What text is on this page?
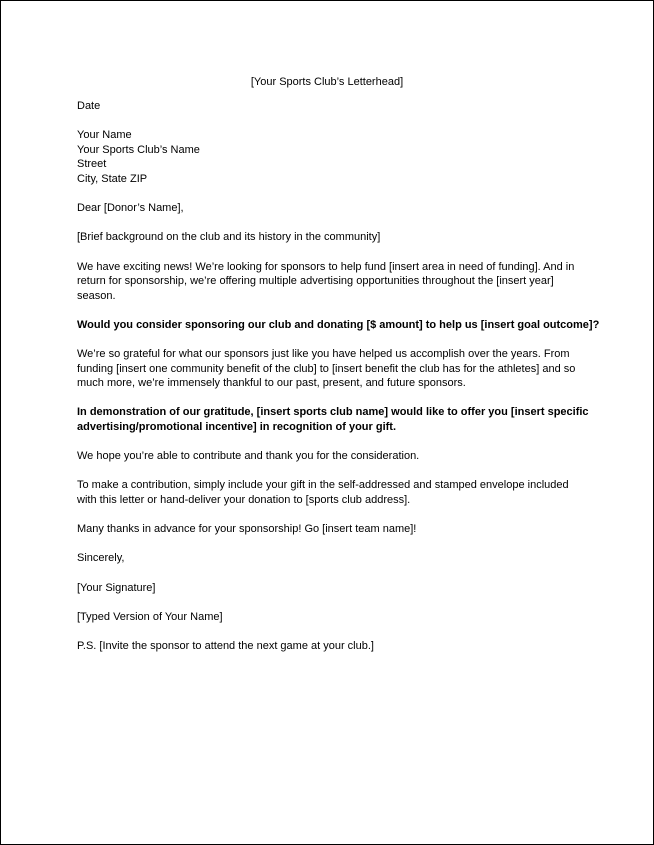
[Your Sports Club’s Letterhead]
Date
Your Name
Your Sports Club’s Name
Street
City, State ZIP
Dear [Donor’s Name],
[Brief background on the club and its history in the community]
We have exciting news! We’re looking for sponsors to help fund [insert area in need of funding]. And in
return for sponsorship, we’re offering multiple advertising opportunities throughout the [insert year]
season.
Would you consider sponsoring our club and donating [$ amount] to help us [insert goal outcome]?
We’re so grateful for what our sponsors just like you have helped us accomplish over the years. From
funding [insert one community benefit of the club] to [insert benefit the club has for the athletes] and so
much more, we’re immensely thankful to our past, present, and future sponsors.
In demonstration of our gratitude, [insert sports club name] would like to offer you [insert specific
advertising/promotional incentive] in recognition of your gift.
We hope you’re able to contribute and thank you for the consideration.
To make a contribution, simply include your gift in the self-addressed and stamped envelope included
with this letter or hand-deliver your donation to [sports club address].
Many thanks in advance for your sponsorship! Go [insert team name]!
Sincerely,
[Your Signature]
[Typed Version of Your Name]
P.S. [Invite the sponsor to attend the next game at your club.]
